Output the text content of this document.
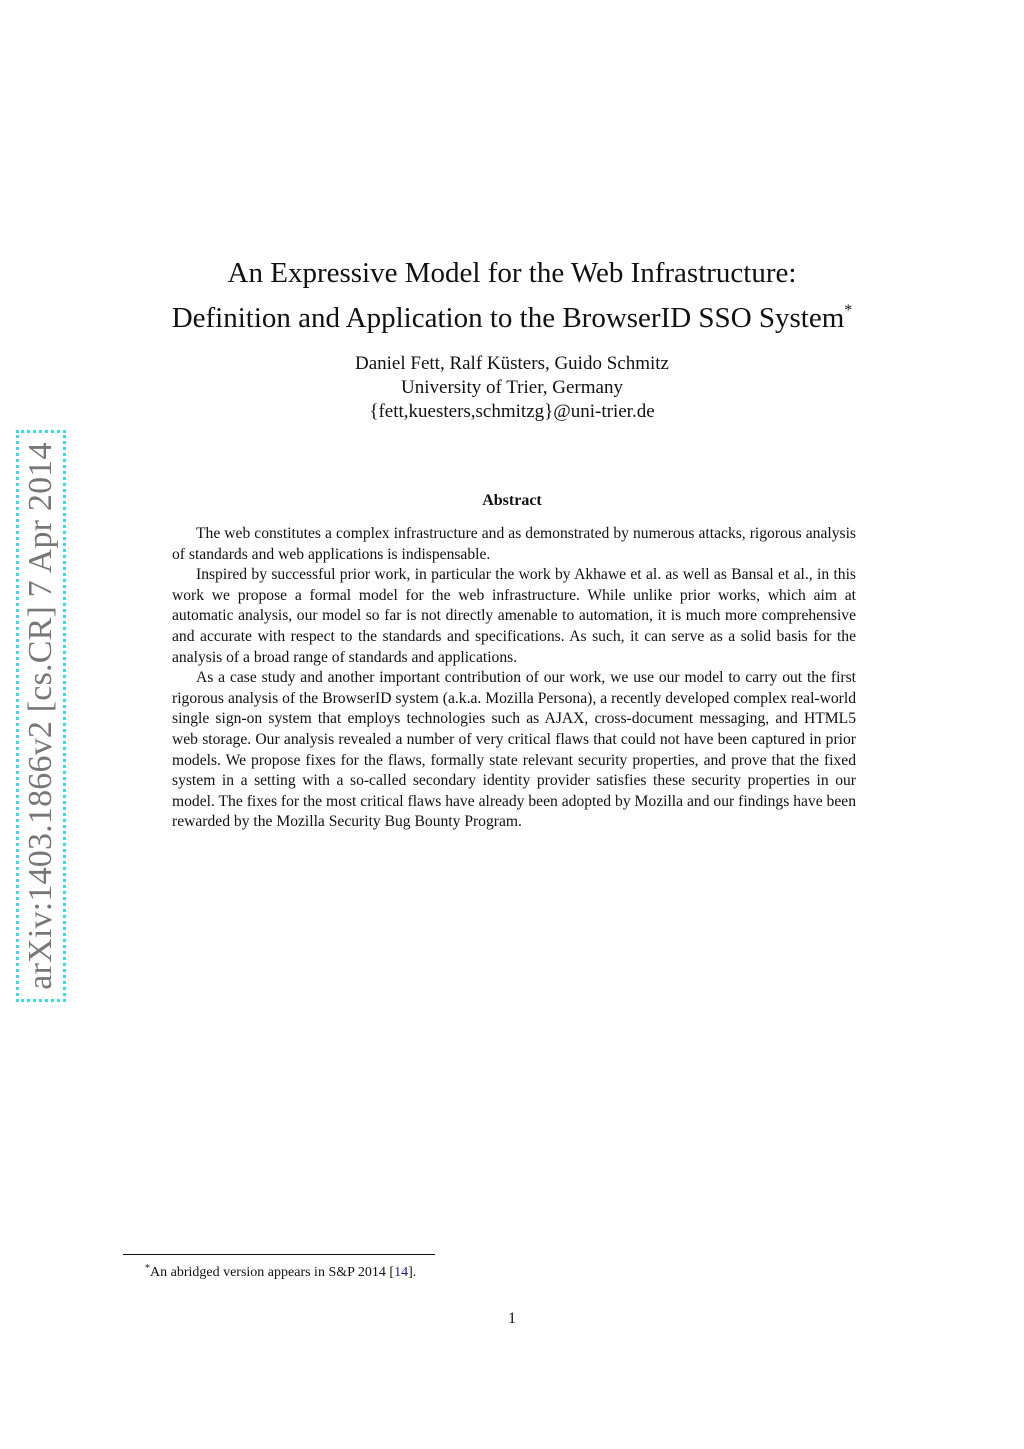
arXiv:1403.1866v2 [cs.CR] 7 Apr 2014
An Expressive Model for the Web Infrastructure:
Definition and Application to the BrowserID SSO System*
Daniel Fett, Ralf Küsters, Guido Schmitz
University of Trier, Germany
{fett,kuesters,schmitzg}@uni-trier.de
Abstract

The web constitutes a complex infrastructure and as demonstrated by numerous attacks, rigorous analysis of standards and web applications is indispensable.

Inspired by successful prior work, in particular the work by Akhawe et al. as well as Bansal et al., in this work we propose a formal model for the web infrastructure. While unlike prior works, which aim at automatic analysis, our model so far is not directly amenable to automation, it is much more comprehensive and accurate with respect to the standards and specifications. As such, it can serve as a solid basis for the analysis of a broad range of standards and applications.

As a case study and another important contribution of our work, we use our model to carry out the first rigorous analysis of the BrowserID system (a.k.a. Mozilla Persona), a recently developed complex real-world single sign-on system that employs technologies such as AJAX, cross-document messaging, and HTML5 web storage. Our analysis revealed a number of very critical flaws that could not have been captured in prior models. We propose fixes for the flaws, formally state relevant security properties, and prove that the fixed system in a setting with a so-called secondary identity provider satisfies these security properties in our model. The fixes for the most critical flaws have already been adopted by Mozilla and our findings have been rewarded by the Mozilla Security Bug Bounty Program.

*An abridged version appears in S&P 2014 [14].
1
